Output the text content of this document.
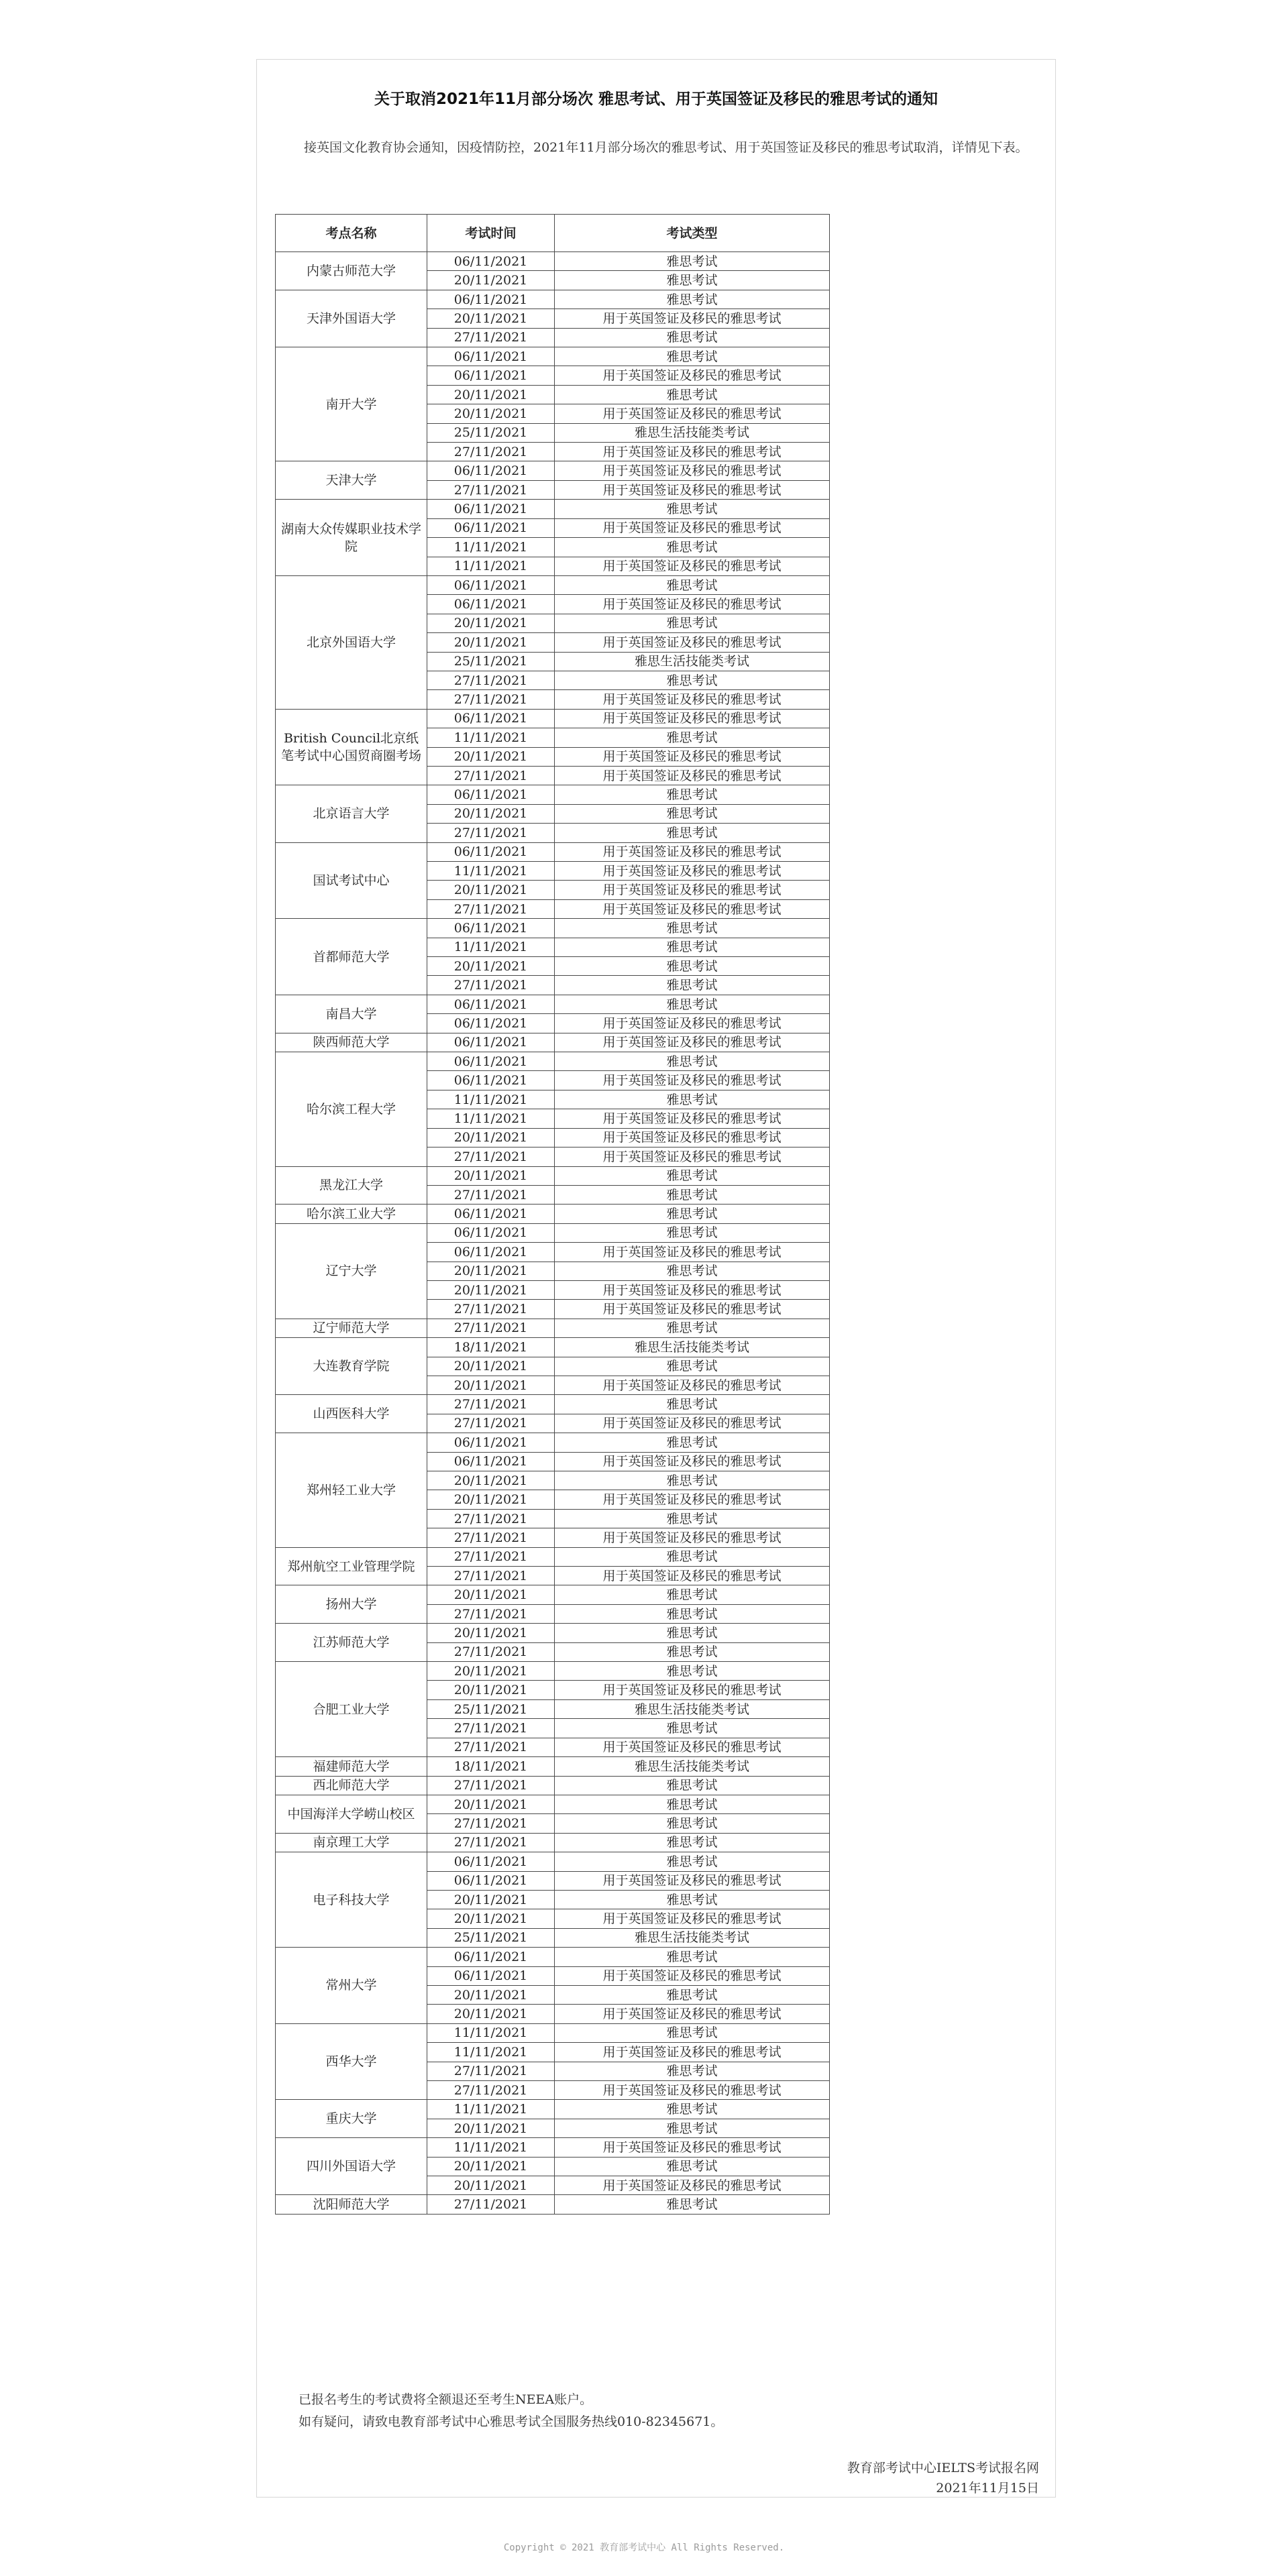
关于取消2021年11月部分场次 雅思考试、用于英国签证及移民的雅思考试的通知

接英国文化教育协会通知，因疫情防控，2021年11月部分场次的雅思考试、用于英国签证及移民的雅思考试取消，详情见下表。

考点名称	考试时间	考试类型
内蒙古师范大学	06/11/2021	雅思考试
	20/11/2021	雅思考试
天津外国语大学	06/11/2021	雅思考试
	20/11/2021	用于英国签证及移民的雅思考试
	27/11/2021	雅思考试
南开大学	06/11/2021	雅思考试
	06/11/2021	用于英国签证及移民的雅思考试
	20/11/2021	雅思考试
	20/11/2021	用于英国签证及移民的雅思考试
	25/11/2021	雅思生活技能类考试
	27/11/2021	用于英国签证及移民的雅思考试
天津大学	06/11/2021	用于英国签证及移民的雅思考试
	27/11/2021	用于英国签证及移民的雅思考试
湖南大众传媒职业技术学院	06/11/2021	雅思考试
	06/11/2021	用于英国签证及移民的雅思考试
	11/11/2021	雅思考试
	11/11/2021	用于英国签证及移民的雅思考试
北京外国语大学	06/11/2021	雅思考试
	06/11/2021	用于英国签证及移民的雅思考试
	20/11/2021	雅思考试
	20/11/2021	用于英国签证及移民的雅思考试
	25/11/2021	雅思生活技能类考试
	27/11/2021	雅思考试
	27/11/2021	用于英国签证及移民的雅思考试
British Council北京纸笔考试中心国贸商圈考场	06/11/2021	用于英国签证及移民的雅思考试
	11/11/2021	雅思考试
	20/11/2021	用于英国签证及移民的雅思考试
	27/11/2021	用于英国签证及移民的雅思考试
北京语言大学	06/11/2021	雅思考试
	20/11/2021	雅思考试
	27/11/2021	雅思考试
国试考试中心	06/11/2021	用于英国签证及移民的雅思考试
	11/11/2021	用于英国签证及移民的雅思考试
	20/11/2021	用于英国签证及移民的雅思考试
	27/11/2021	用于英国签证及移民的雅思考试
首都师范大学	06/11/2021	雅思考试
	11/11/2021	雅思考试
	20/11/2021	雅思考试
	27/11/2021	雅思考试
南昌大学	06/11/2021	雅思考试
	06/11/2021	用于英国签证及移民的雅思考试
陕西师范大学	06/11/2021	用于英国签证及移民的雅思考试
哈尔滨工程大学	06/11/2021	雅思考试
	06/11/2021	用于英国签证及移民的雅思考试
	11/11/2021	雅思考试
	11/11/2021	用于英国签证及移民的雅思考试
	20/11/2021	用于英国签证及移民的雅思考试
	27/11/2021	用于英国签证及移民的雅思考试
黑龙江大学	20/11/2021	雅思考试
	27/11/2021	雅思考试
哈尔滨工业大学	06/11/2021	雅思考试
辽宁大学	06/11/2021	雅思考试
	06/11/2021	用于英国签证及移民的雅思考试
	20/11/2021	雅思考试
	20/11/2021	用于英国签证及移民的雅思考试
	27/11/2021	用于英国签证及移民的雅思考试
辽宁师范大学	27/11/2021	雅思考试
大连教育学院	18/11/2021	雅思生活技能类考试
	20/11/2021	雅思考试
	20/11/2021	用于英国签证及移民的雅思考试
山西医科大学	27/11/2021	雅思考试
	27/11/2021	用于英国签证及移民的雅思考试
郑州轻工业大学	06/11/2021	雅思考试
	06/11/2021	用于英国签证及移民的雅思考试
	20/11/2021	雅思考试
	20/11/2021	用于英国签证及移民的雅思考试
	27/11/2021	雅思考试
	27/11/2021	用于英国签证及移民的雅思考试
郑州航空工业管理学院	27/11/2021	雅思考试
	27/11/2021	用于英国签证及移民的雅思考试
扬州大学	20/11/2021	雅思考试
	27/11/2021	雅思考试
江苏师范大学	20/11/2021	雅思考试
	27/11/2021	雅思考试
合肥工业大学	20/11/2021	雅思考试
	20/11/2021	用于英国签证及移民的雅思考试
	25/11/2021	雅思生活技能类考试
	27/11/2021	雅思考试
	27/11/2021	用于英国签证及移民的雅思考试
福建师范大学	18/11/2021	雅思生活技能类考试
西北师范大学	27/11/2021	雅思考试
中国海洋大学崂山校区	20/11/2021	雅思考试
	27/11/2021	雅思考试
南京理工大学	27/11/2021	雅思考试
电子科技大学	06/11/2021	雅思考试
	06/11/2021	用于英国签证及移民的雅思考试
	20/11/2021	雅思考试
	20/11/2021	用于英国签证及移民的雅思考试
	25/11/2021	雅思生活技能类考试
常州大学	06/11/2021	雅思考试
	06/11/2021	用于英国签证及移民的雅思考试
	20/11/2021	雅思考试
	20/11/2021	用于英国签证及移民的雅思考试
西华大学	11/11/2021	雅思考试
	11/11/2021	用于英国签证及移民的雅思考试
	27/11/2021	雅思考试
	27/11/2021	用于英国签证及移民的雅思考试
重庆大学	11/11/2021	雅思考试
	20/11/2021	雅思考试
四川外国语大学	11/11/2021	用于英国签证及移民的雅思考试
	20/11/2021	雅思考试
	20/11/2021	用于英国签证及移民的雅思考试
沈阳师范大学	27/11/2021	雅思考试

已报名考生的考试费将全额退还至考生NEEA账户。

如有疑问，请致电教育部考试中心雅思考试全国服务热线010-82345671。

教育部考试中心IELTS考试报名网

2021年11月15日

Copyright © 2021 教育部考试中心 All Rights Reserved.
